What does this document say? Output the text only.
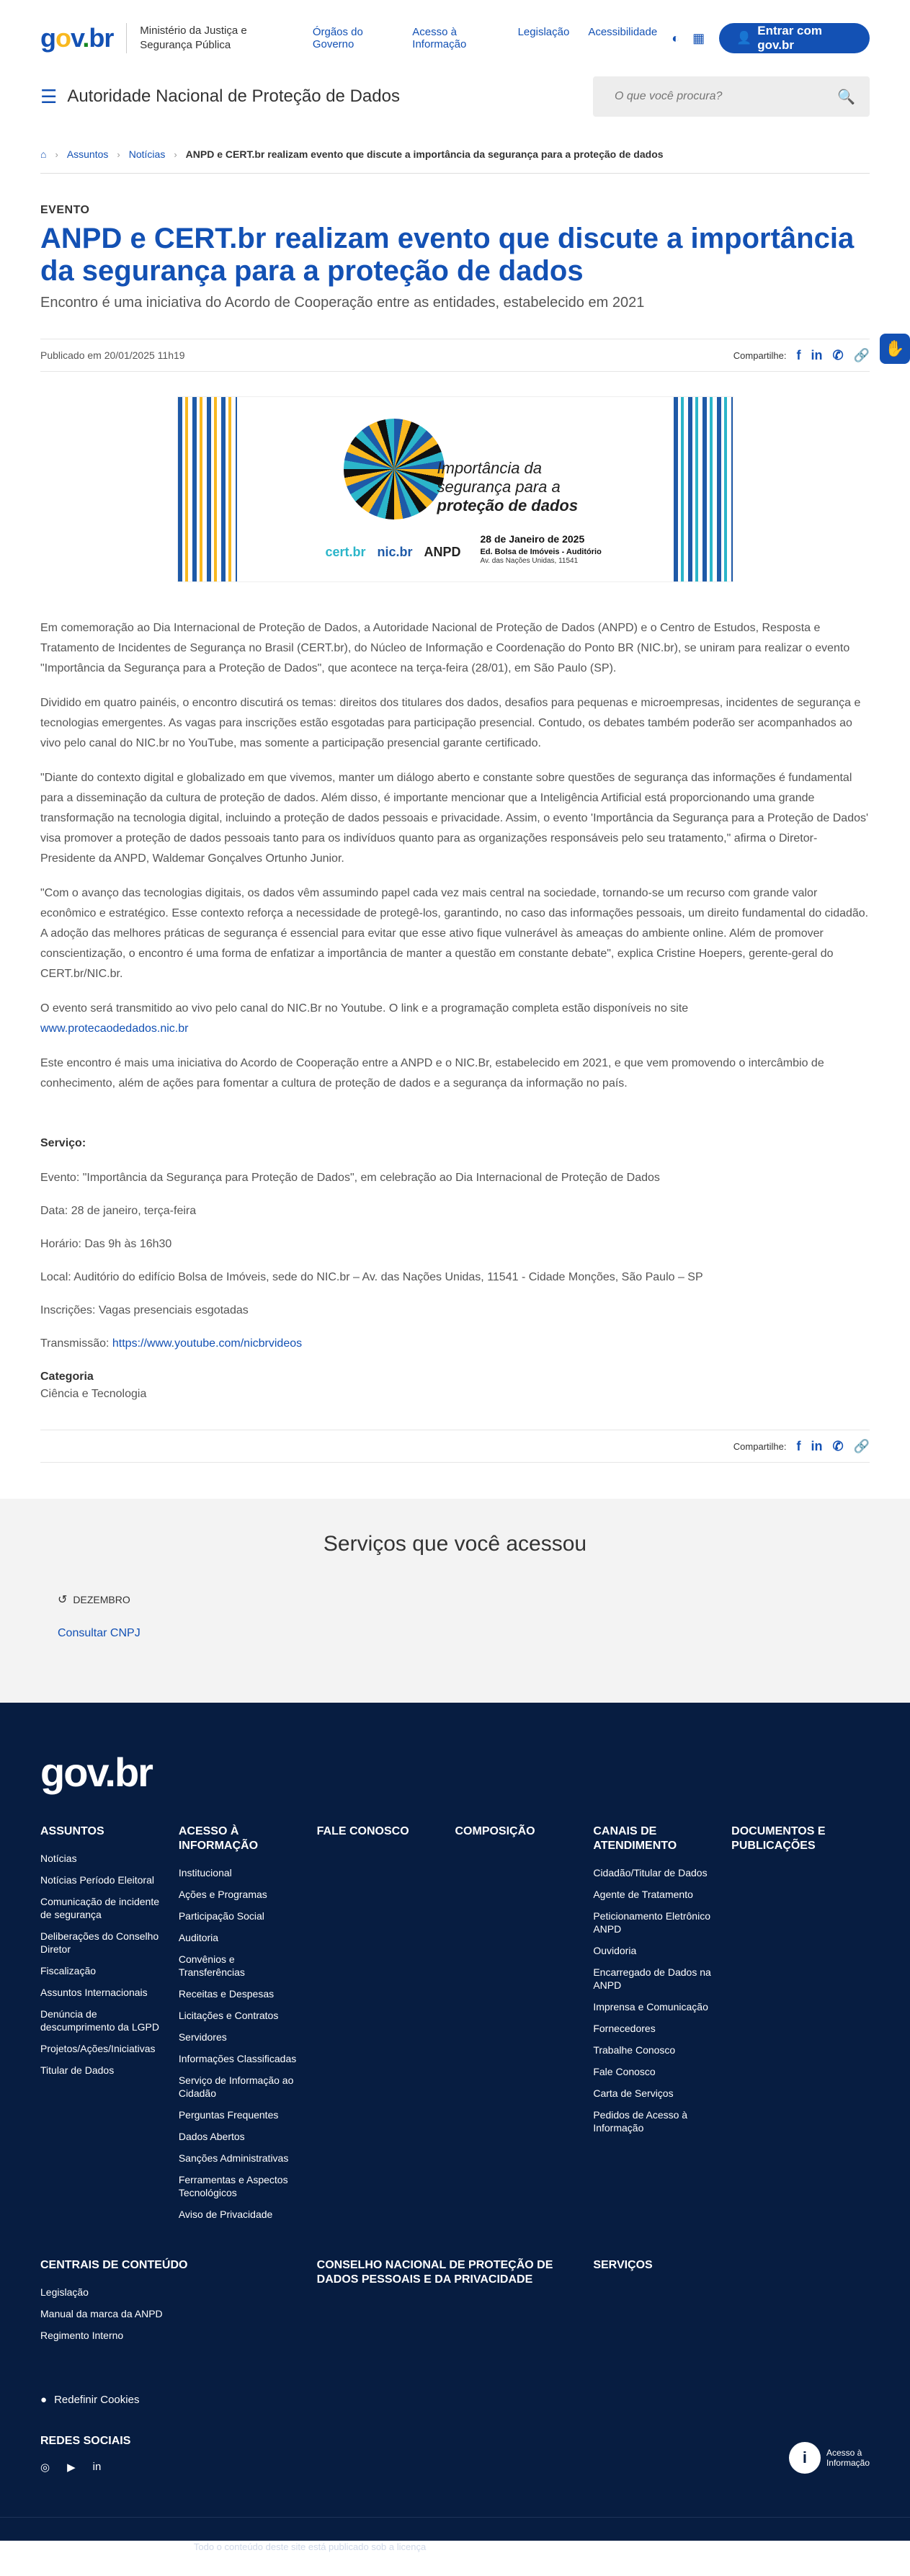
gov.br Ministério da Justiça e Segurança Pública
Órgãos do Governo
Acesso à Informação
Legislação Acessibilidade ◐ ▦	👤
Entrar com gov.br
☰ Autoridade Nacional de Proteção de Dados
O que você procura?	🔍
⌂ › Assuntos › Notícias › ANPD e CERT.br realizam evento que discute a importância da segurança para a proteção de dados
EVENTO
ANPD e CERT.br realizam evento que discute a importância da segurança para a proteção de dados
Encontro é uma iniciativa do Acordo de Cooperação entre as entidades, estabelecido em 2021
Publicado em 20/01/2025 11h19	Compartilhe: f in ✆ 🔗 ✋
Importância da
segurança para a
proteção de dados
cert.br nic.br ANPD
28 de Janeiro de 2025
Ed. Bolsa de Imóveis - Auditório
Av. das Nações Unidas, 11541

Em comemoração ao Dia Internacional de Proteção de Dados, a Autoridade Nacional de Proteção de Dados (ANPD) e o Centro de Estudos, Resposta e Tratamento de Incidentes de Segurança no Brasil (CERT.br), do Núcleo de Informação e Coordenação do Ponto BR (NIC.br), se uniram para realizar o evento "Importância da Segurança para a Proteção de Dados", que acontece na terça-feira (28/01), em São Paulo (SP).

Dividido em quatro painéis, o encontro discutirá os temas: direitos dos titulares dos dados, desafios para pequenas e microempresas, incidentes de segurança e tecnologias emergentes. As vagas para inscrições estão esgotadas para participação presencial. Contudo, os debates também poderão ser acompanhados ao vivo pelo canal do NIC.br no YouTube, mas somente a participação presencial garante certificado.

"Diante do contexto digital e globalizado em que vivemos, manter um diálogo aberto e constante sobre questões de segurança das informações é fundamental para a disseminação da cultura de proteção de dados. Além disso, é importante mencionar que a Inteligência Artificial está proporcionando uma grande transformação na tecnologia digital, incluindo a proteção de dados pessoais e privacidade. Assim, o evento 'Importância da Segurança para a Proteção de Dados' visa promover a proteção de dados pessoais tanto para os indivíduos quanto para as organizações responsáveis pelo seu tratamento," afirma o Diretor-Presidente da ANPD, Waldemar Gonçalves Ortunho Junior.

"Com o avanço das tecnologias digitais, os dados vêm assumindo papel cada vez mais central na sociedade, tornando-se um recurso com grande valor econômico e estratégico. Esse contexto reforça a necessidade de protegê-los, garantindo, no caso das informações pessoais, um direito fundamental do cidadão. A adoção das melhores práticas de segurança é essencial para evitar que esse ativo fique vulnerável às ameaças do ambiente online. Além de promover conscientização, o encontro é uma forma de enfatizar a importância de manter a questão em constante debate", explica Cristine Hoepers, gerente-geral do CERT.br/NIC.br.

O evento será transmitido ao vivo pelo canal do NIC.Br no Youtube. O link e a programação completa estão disponíveis no site
www.protecaodedados.nic.br

Este encontro é mais uma iniciativa do Acordo de Cooperação entre a ANPD e o NIC.Br, estabelecido em 2021, e que vem promovendo o intercâmbio de conhecimento, além de ações para fomentar a cultura de proteção de dados e a segurança da informação no país.

Serviço:

Evento: "Importância da Segurança para Proteção de Dados", em celebração ao Dia Internacional de Proteção de Dados

Data: 28 de janeiro, terça-feira

Horário: Das 9h às 16h30

Local: Auditório do edifício Bolsa de Imóveis, sede do NIC.br – Av. das Nações Unidas, 11541 - Cidade Monções, São Paulo – SP

Inscrições: Vagas presenciais esgotadas

Transmissão: https://www.youtube.com/nicbrvideos

Categoria
Ciência e Tecnologia
Compartilhe: f in ✆ 🔗
Serviços que você acessou
↺ DEZEMBRO
Consultar CNPJ
gov.br
ASSUNTOS
Notícias
Notícias Período Eleitoral
Comunicação de incidente de segurança
Deliberações do Conselho Diretor
Fiscalização
Assuntos Internacionais
Denúncia de descumprimento da LGPD
Projetos/Ações/Iniciativas
Titular de Dados
ACESSO À INFORMAÇÃO
Institucional
Ações e Programas
Participação Social
Auditoria
Convênios e Transferências
Receitas e Despesas
Licitações e Contratos
Servidores
Informações Classificadas
Serviço de Informação ao Cidadão
Perguntas Frequentes
Dados Abertos
Sanções Administrativas
Ferramentas e Aspectos Tecnológicos
Aviso de Privacidade
FALE CONOSCO	COMPOSIÇÃO	CANAIS DE ATENDIMENTO
Cidadão/Titular de Dados
Agente de Tratamento
Peticionamento Eletrônico ANPD
Ouvidoria
Encarregado de Dados na ANPD
Imprensa e Comunicação
Fornecedores
Trabalhe Conosco
Fale Conosco
Carta de Serviços
Pedidos de Acesso à Informação
DOCUMENTOS E PUBLICAÇÕES
CENTRAIS DE CONTEÚDO
Legislação
Manual da marca da ANPD
Regimento Interno
CONSELHO NACIONAL DE PROTEÇÃO DE DADOS PESSOAIS E DA PRIVACIDADE
SERVIÇOS
● Redefinir Cookies
REDES SOCIAIS
◎ ▶ in
i	Acesso à
Informação
Todo o conteúdo deste site está publicado sob a licença
Creative Commons Atribuição-SemDerivações 3.0 Não Adaptada
